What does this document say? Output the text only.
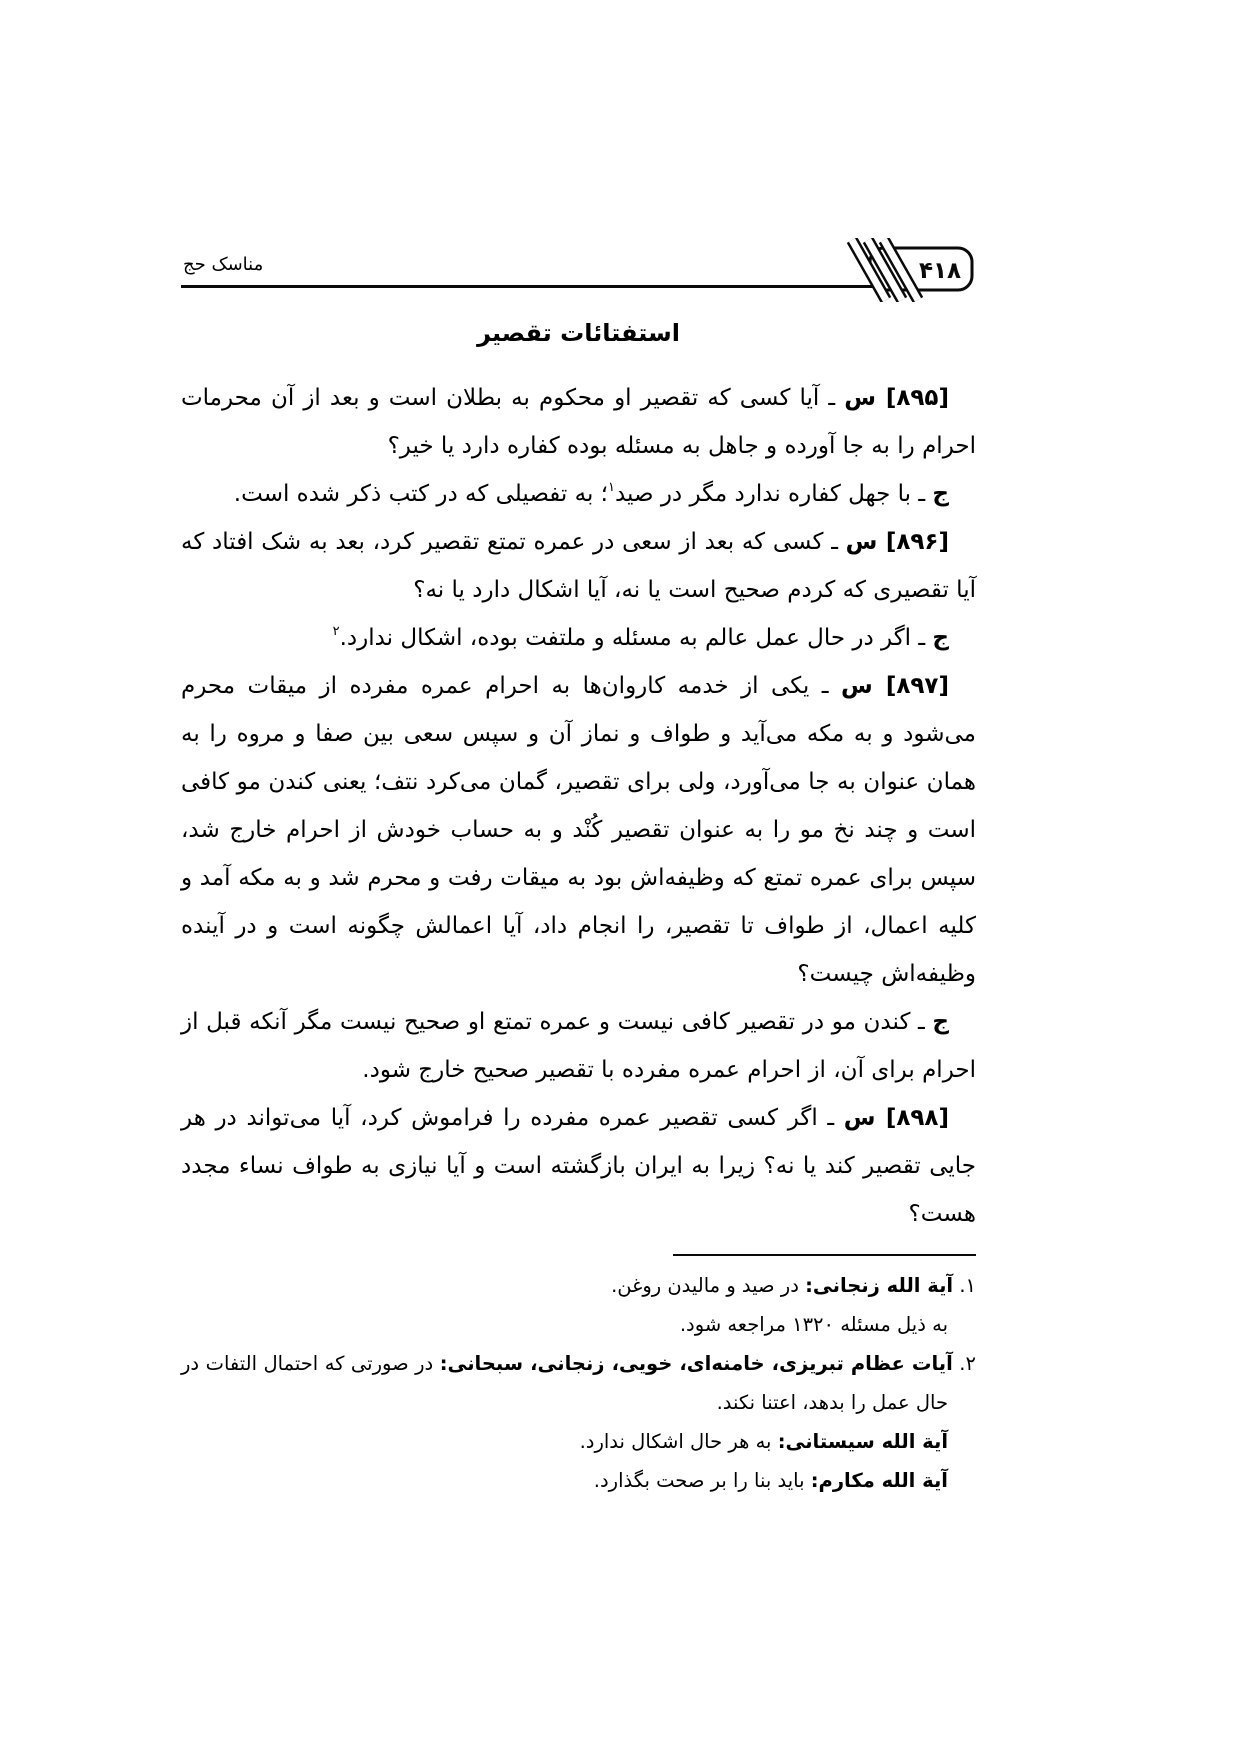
مناسک حج	۴۱۸
استفتائات تقصیر

[۸۹۵] س ـ آیا کسی که تقصیر او محکوم به بطلان است و بعد از آن محرمات احرام را به جا آورده و جاهل به مسئله بوده کفاره دارد یا خیر؟

ج ـ با جهل کفاره ندارد مگر در صید$^۱$؛ به تفصیلی که در کتب ذکر شده است.

[۸۹۶] س ـ کسی که بعد از سعی در عمره تمتع تقصیر کرد، بعد به شک افتاد که آیا تقصیری که کردم صحیح است یا نه، آیا اشکال دارد یا نه؟

ج ـ اگر در حال عمل عالم به مسئله و ملتفت بوده، اشکال ندارد.$^۲$

[۸۹۷] س ـ یکی از خدمه کاروان‌ها به احرام عمره مفرده از میقات محرم می‌شود و به مکه می‌آید و طواف و نماز آن و سپس سعی بین صفا و مروه را به همان عنوان به جا می‌آورد، ولی برای تقصیر، گمان می‌کرد نتف؛ یعنی کندن مو کافی است و چند نخ مو را به عنوان تقصیر کُنْد و به حساب خودش از احرام خارج شد، سپس برای عمره تمتع که وظیفه‌اش بود به میقات رفت و محرم شد و به مکه آمد و کلیه اعمال، از طواف تا تقصیر، را انجام داد، آیا اعمالش چگونه است و در آینده وظیفه‌اش چیست؟

ج ـ کندن مو در تقصیر کافی نیست و عمره تمتع او صحیح نیست مگر آنکه قبل از احرام برای آن، از احرام عمره مفرده با تقصیر صحیح خارج شود.

[۸۹۸] س ـ اگر کسی تقصیر عمره مفرده را فراموش کرد، آیا می‌تواند در هر جایی تقصیر کند یا نه؟ زیرا به ایران بازگشته است و آیا نیازی به طواف نساء مجدد هست؟

۱. آیة الله زنجانی: در صید و مالیدن روغن.

به ذیل مسئله ۱۳۲۰ مراجعه شود.

۲. آیات عظام تبریزی، خامنه‌ای، خویی، زنجانی، سبحانی: در صورتی که احتمال التفات در حال عمل را بدهد، اعتنا نکند.

آیة الله سیستانی: به هر حال اشکال ندارد.

آیة الله مکارم: باید بنا را بر صحت بگذارد.
